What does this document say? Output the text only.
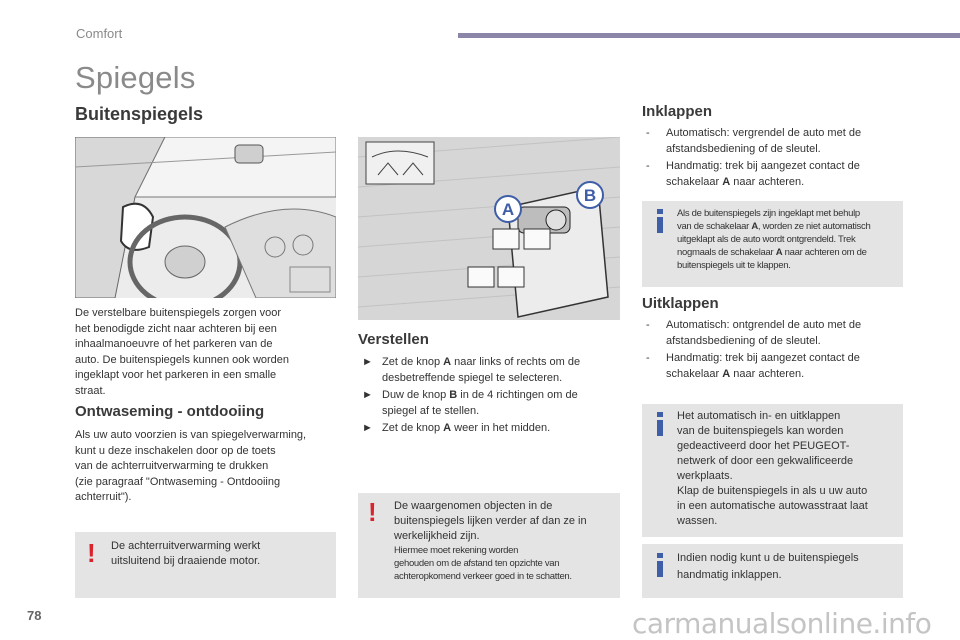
Comfort
Spiegels
Buitenspiegels
De verstelbare buitenspiegels zorgen voor
het benodigde zicht naar achteren bij een
inhaalmanoeuvre of het parkeren van de
auto. De buitenspiegels kunnen ook worden
ingeklapt voor het parkeren in een smalle
straat.
Ontwaseming - ontdooiing
Als uw auto voorzien is van spiegelverwarming,
kunt u deze inschakelen door op de toets
van de achterruitverwarming te drukken
(zie paragraaf "Ontwaseming - Ontdooiing
achterruit").
! De achterruitverwarming werkt
uitsluitend bij draaiende motor.
A
B
Verstellen
► Zet de knop A naar links of rechts om de
desbetreffende spiegel te selecteren.
► Duw de knop B in de 4 richtingen om de
spiegel af te stellen.
► Zet de knop A weer in het midden.
! De waargenomen objecten in de
buitenspiegels lijken verder af dan ze in
werkelijkheid zijn.
Hiermee moet rekening worden
gehouden om de afstand ten opzichte van
achteropkomend verkeer goed in te schatten.
Inklappen
-	Automatisch: vergrendel de auto met de
afstandsbediening of de sleutel.
-	Handmatig: trek bij aangezet contact de
schakelaar A naar achteren.
Als de buitenspiegels zijn ingeklapt met behulp
van de schakelaar A, worden ze niet automatisch
uitgeklapt als de auto wordt ontgrendeld. Trek
nogmaals de schakelaar A naar achteren om de
buitenspiegels uit te klappen.
Uitklappen
-	Automatisch: ontgrendel de auto met de
afstandsbediening of de sleutel.
-	Handmatig: trek bij aangezet contact de
schakelaar A naar achteren.
Het automatisch in- en uitklappen
van de buitenspiegels kan worden
gedeactiveerd door het PEUGEOT-
netwerk of door een gekwalificeerde
werkplaats.
Klap de buitenspiegels in als u uw auto
in een automatische autowasstraat laat
wassen.
Indien nodig kunt u de buitenspiegels
handmatig inklappen.
78	carmanualsonline.info
